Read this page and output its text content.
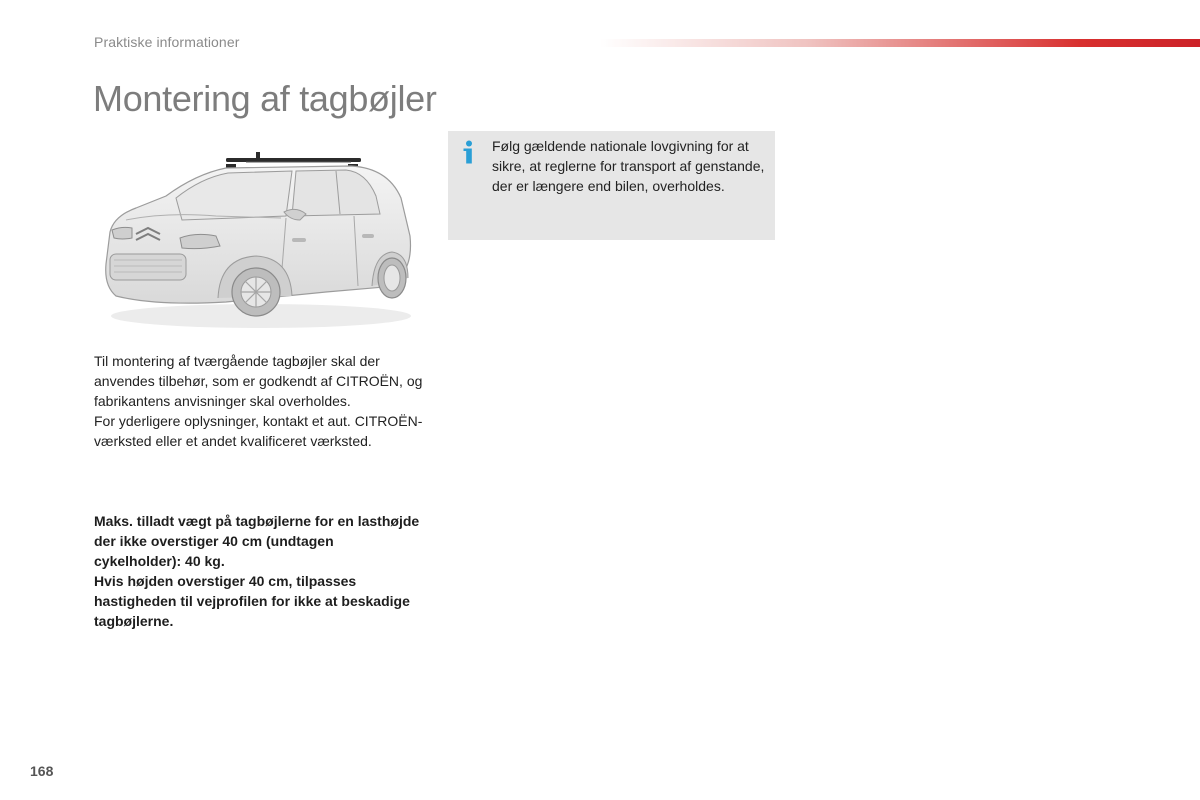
Praktiske informationer
Montering af tagbøjler

Til montering af tværgående tagbøjler skal der anvendes tilbehør, som er godkendt af CITROËN, og fabrikantens anvisninger skal overholdes.

For yderligere oplysninger, kontakt et aut. CITROËN-værksted eller et andet kvalificeret værksted.

Maks. tilladt vægt på tagbøjlerne for en lasthøjde der ikke overstiger 40 cm (undtagen cykelholder): 40 kg.

Hvis højden overstiger 40 cm, tilpasses hastigheden til vejprofilen for ikke at beskadige tagbøjlerne.

Følg gældende nationale lovgivning for at sikre, at reglerne for transport af genstande, der er længere end bilen, overholdes.
168
